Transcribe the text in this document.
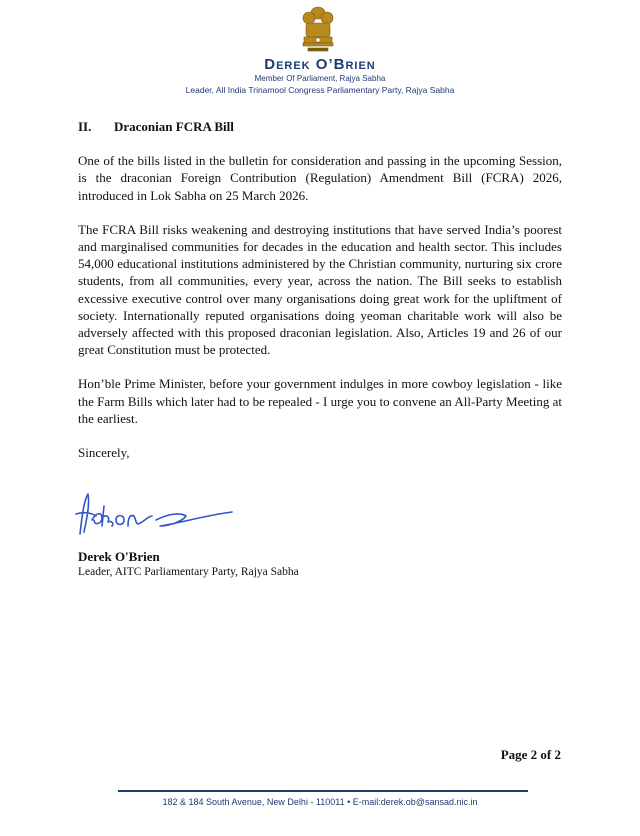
Derek O’Brien
Member Of Parliament, Rajya Sabha
Leader, All India Trinamool Congress Parliamentary Party, Rajya Sabha
II.	Draconian FCRA Bill

One of the bills listed in the bulletin for consideration and passing in the upcoming Session, is the draconian Foreign Contribution (Regulation) Amendment Bill (FCRA) 2026, introduced in Lok Sabha on 25 March 2026.

The FCRA Bill risks weakening and destroying institutions that have served India’s poorest and marginalised communities for decades in the education and health sector. This includes 54,000 educational institutions administered by the Christian community, nurturing six crore students, from all communities, every year, across the nation. The Bill seeks to establish excessive executive control over many organisations doing great work for the upliftment of society. Internationally reputed organisations doing yeoman charitable work will also be adversely affected with this proposed draconian legislation. Also, Articles 19 and 26 of our great Constitution must be protected.

Hon’ble Prime Minister, before your government indulges in more cowboy legislation - like the Farm Bills which later had to be repealed - I urge you to convene an All-Party Meeting at the earliest.

Sincerely,

Derek O'Brien
Leader, AITC Parliamentary Party, Rajya Sabha
Page 2 of 2
182 & 184 South Avenue, New Delhi - 110011 • E-mail:derek.ob@sansad.nic.in
